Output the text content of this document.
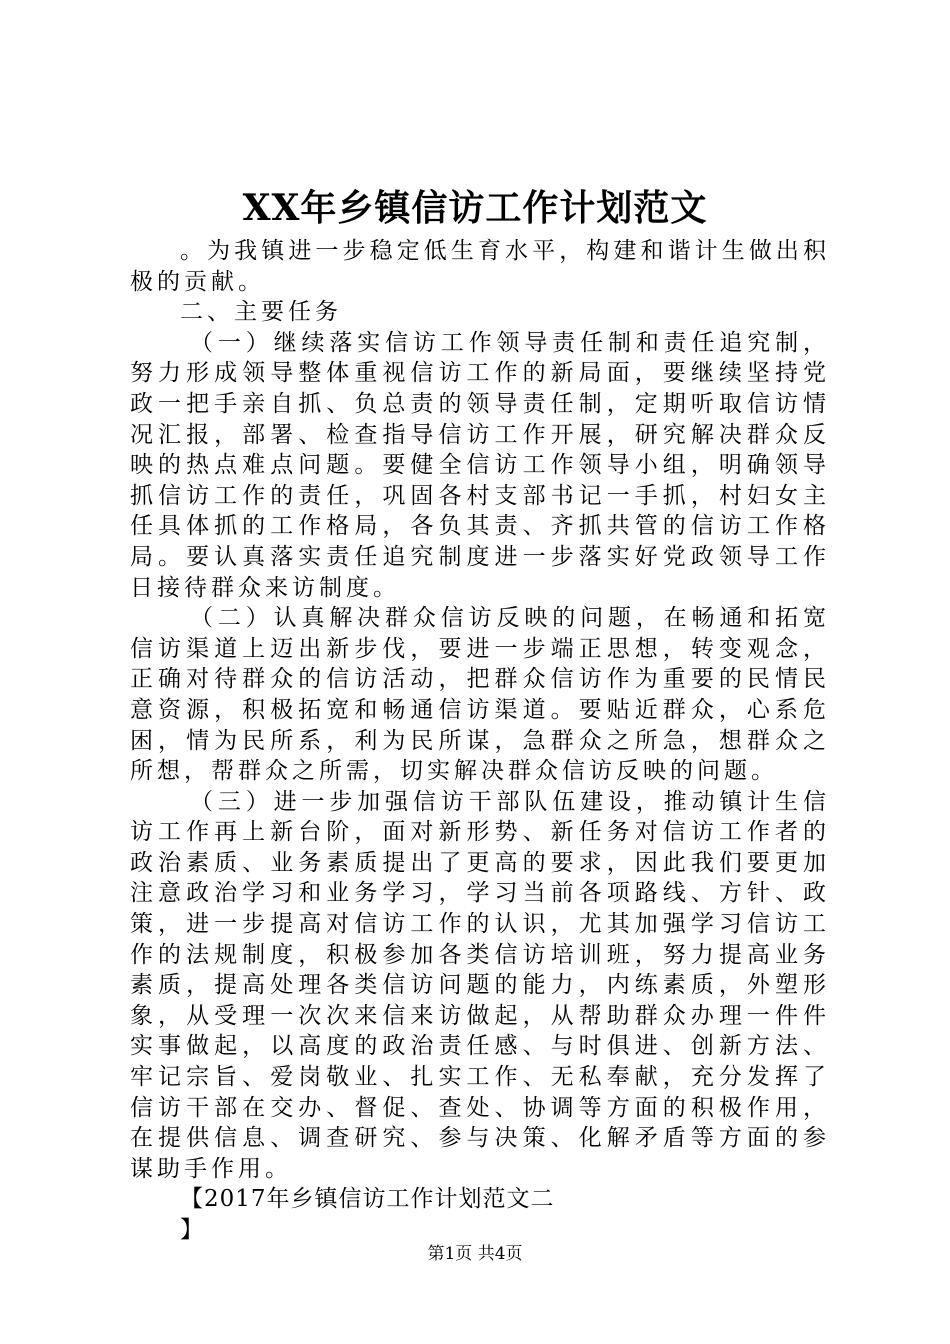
XX年乡镇信访工作计划范文

。为我镇进一步稳定低生育水平，构建和谐计生做出积极的贡献。

二、主要任务

（一）继续落实信访工作领导责任制和责任追究制，努力形成领导整体重视信访工作的新局面，要继续坚持党政一把手亲自抓、负总责的领导责任制，定期听取信访情况汇报，部署、检查指导信访工作开展，研究解决群众反映的热点难点问题。要健全信访工作领导小组，明确领导抓信访工作的责任，巩固各村支部书记一手抓，村妇女主任具体抓的工作格局，各负其责、齐抓共管的信访工作格局。要认真落实责任追究制度进一步落实好党政领导工作日接待群众来访制度。

（二）认真解决群众信访反映的问题，在畅通和拓宽信访渠道上迈出新步伐，要进一步端正思想，转变观念，正确对待群众的信访活动，把群众信访作为重要的民情民意资源，积极拓宽和畅通信访渠道。要贴近群众，心系危困，情为民所系，利为民所谋，急群众之所急，想群众之所想，帮群众之所需，切实解决群众信访反映的问题。

（三）进一步加强信访干部队伍建设，推动镇计生信访工作再上新台阶，面对新形势、新任务对信访工作者的政治素质、业务素质提出了更高的要求，因此我们要更加注意政治学习和业务学习，学习当前各项路线、方针、政策，进一步提高对信访工作的认识，尤其加强学习信访工作的法规制度，积极参加各类信访培训班，努力提高业务素质，提高处理各类信访问题的能力，内练素质，外塑形象，从受理一次次来信来访做起，从帮助群众办理一件件实事做起，以高度的政治责任感、与时俱进、创新方法、牢记宗旨、爱岗敬业、扎实工作、无私奉献，充分发挥了信访干部在交办、督促、查处、协调等方面的积极作用，在提供信息、调查研究、参与决策、化解矛盾等方面的参谋助手作用。

【2017年乡镇信访工作计划范文二

】

第1页 共4页
